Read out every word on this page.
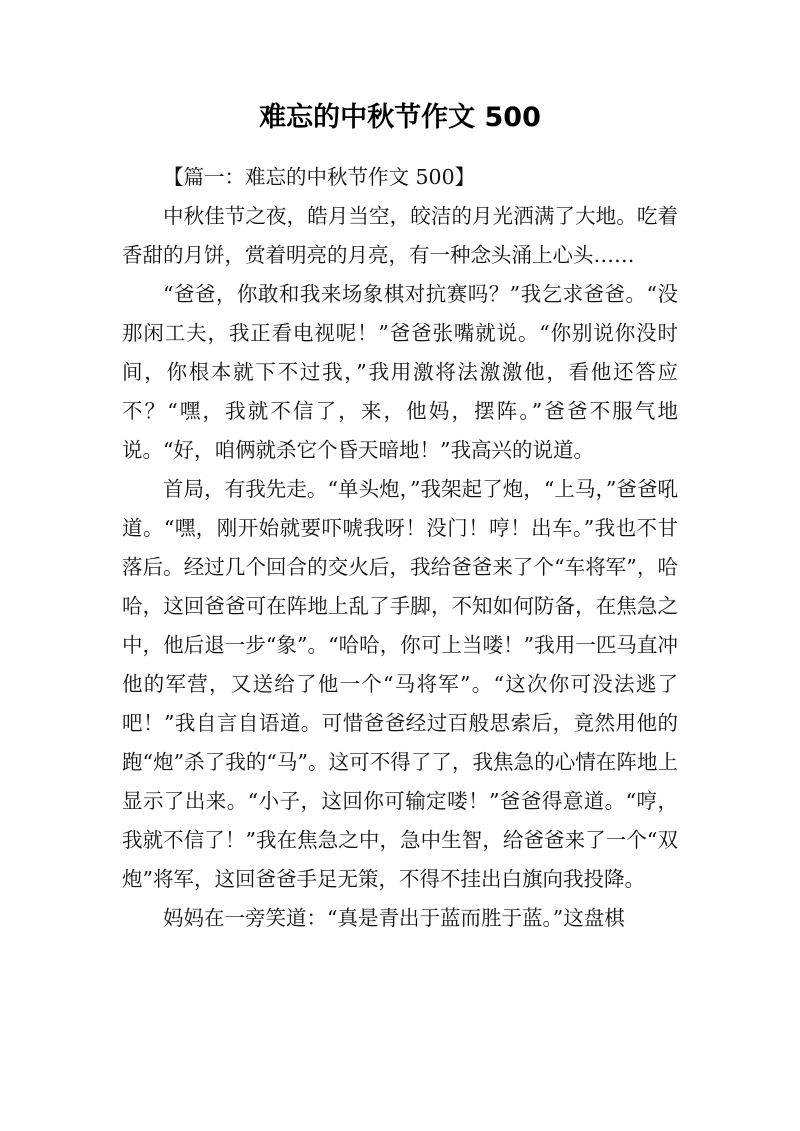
难忘的中秋节作文 500

【篇一：难忘的中秋节作文 500】

中秋佳节之夜，皓月当空，皎洁的月光洒满了大地。吃着香甜的月饼，赏着明亮的月亮，有一种念头涌上心头……

“爸爸，你敢和我来场象棋对抗赛吗？”我乞求爸爸。“没那闲工夫，我正看电视呢！”爸爸张嘴就说。“你别说你没时间，你根本就下不过我，”我用激将法激激他，看他还答应不？“嘿，我就不信了，来，他妈，摆阵。”爸爸不服气地说。“好，咱俩就杀它个昏天暗地！”我高兴的说道。

首局，有我先走。“单头炮，”我架起了炮，“上马，”爸爸吼道。“嘿，刚开始就要吓唬我呀！没门！哼！出车。”我也不甘落后。经过几个回合的交火后，我给爸爸来了个“车将军”，哈哈，这回爸爸可在阵地上乱了手脚，不知如何防备，在焦急之中，他后退一步“象”。“哈哈，你可上当喽！”我用一匹马直冲他的军营，又送给了他一个“马将军”。“这次你可没法逃了吧！”我自言自语道。可惜爸爸经过百般思索后，竟然用他的跑“炮”杀了我的“马”。这可不得了了，我焦急的心情在阵地上显示了出来。“小子，这回你可输定喽！”爸爸得意道。“哼，我就不信了！”我在焦急之中，急中生智，给爸爸来了一个“双炮”将军，这回爸爸手足无策，不得不挂出白旗向我投降。

妈妈在一旁笑道：“真是青出于蓝而胜于蓝。”这盘棋
